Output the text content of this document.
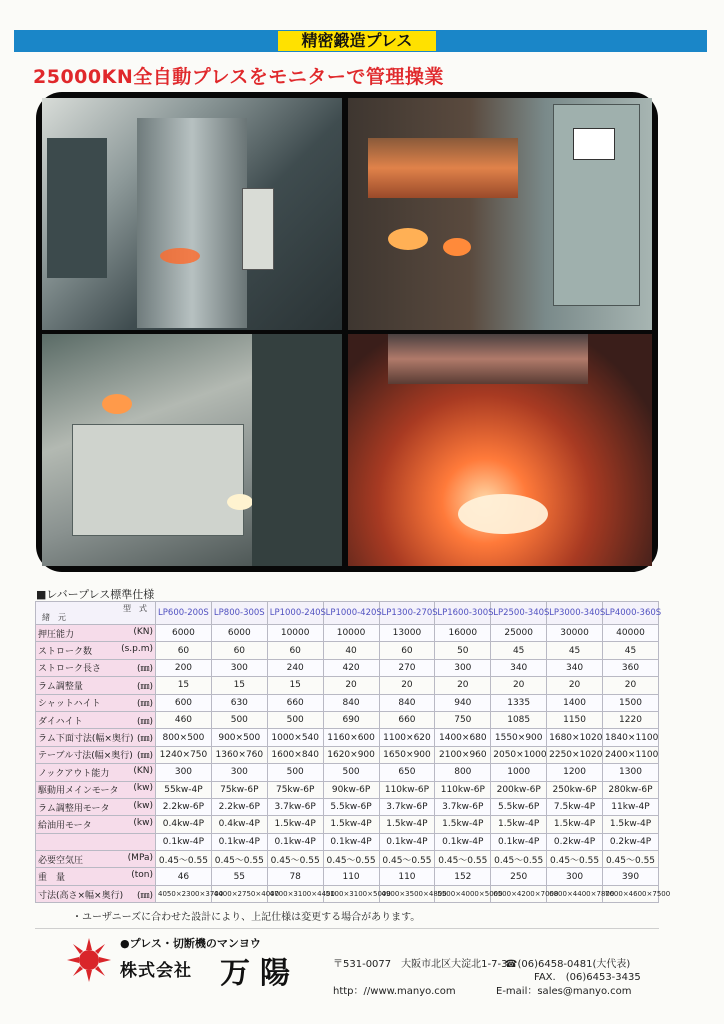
精密鍛造プレス
25000KN全自動プレスをモニターで管理操業
■レバープレス標準仕様
型　式
緒　元	LP600-200S	LP800-300S	LP1000-240S	LP1000-420S	LP1300-270S	LP1600-300S	LP2500-340S	LP3000-340S	LP4000-360S
押圧能力 (KN)	6000	6000	10000	10000	13000	16000	25000	30000	40000
ストローク数 (s.p.m)	60	60	60	40	60	50	45	45	45
ストローク長さ (㎜)	200	300	240	420	270	300	340	340	360
ラム調整量 (㎜)	15	15	15	20	20	20	20	20	20
シャットハイト (㎜)	600	630	660	840	840	940	1335	1400	1500
ダイハイト (㎜)	460	500	500	690	660	750	1085	1150	1220
ラム下面寸法(幅×奥行) (㎜)	800×500	900×500	1000×540	1160×600	1100×620	1400×680	1550×900	1680×1020	1840×1100
テーブル寸法(幅×奥行) (㎜)	1240×750	1360×760	1600×840	1620×900	1650×900	2100×960	2050×1000	2250×1020	2400×1100
ノックアウト能力 (KN)	300	300	500	500	650	800	1000	1200	1300
駆動用メインモータ (kw)	55kw-4P	75kw-6P	75kw-6P	90kw-6P	110kw-6P	110kw-6P	200kw-6P	250kw-6P	280kw-6P
ラム調整用モータ (kw)	2.2kw-6P	2.2kw-6P	3.7kw-6P	5.5kw-6P	3.7kw-6P	3.7kw-6P	5.5kw-6P	7.5kw-4P	11kw-4P
給油用モータ (kw)	0.4kw-4P	0.4kw-4P	1.5kw-4P	1.5kw-4P	1.5kw-4P	1.5kw-4P	1.5kw-4P	1.5kw-4P	1.5kw-4P

	0.1kw-4P	0.1kw-4P	0.1kw-4P	0.1kw-4P	0.1kw-4P	0.1kw-4P	0.1kw-4P	0.2kw-4P	0.2kw-4P
必要空気圧 (MPa)	0.45～0.55	0.45～0.55	0.45～0.55	0.45～0.55	0.45～0.55	0.45～0.55	0.45～0.55	0.45～0.55	0.45～0.55
重　量 (ton)	46	55	78	110	110	152	250	300	390
寸法(高さ×幅×奥行) (㎜)	4050×2300×3700	4400×2750×4000	4700×3100×4400	5100×3100×5000	4900×3500×4800	5500×4000×5000	6500×4200×7000	6800×4400×7800	7600×4600×7500
・ユーザニーズに合わせた設計により、上記仕様は変更する場合があります。
●プレス・切断機のマンヨウ
株式会社 万陽	〒531-0077　大阪市北区大淀北1-7-3
☎(06)6458-0481(大代表)
FAX.　(06)6453-3435
http：//www.manyo.com	E-mail：sales@manyo.com
